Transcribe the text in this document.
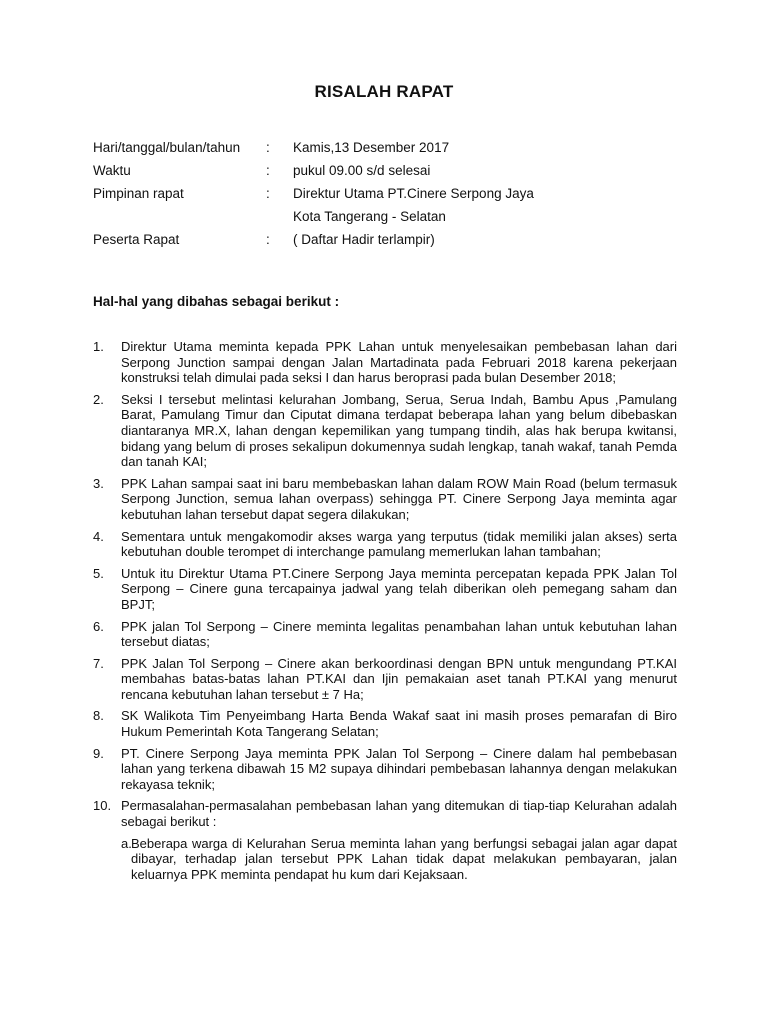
RISALAH RAPAT
Hari/tanggal/bulan/tahun : Kamis,13 Desember 2017
Waktu	: pukul 09.00 s/d selesai
Pimpinan rapat	: Direktur Utama PT.Cinere Serpong Jaya
Kota Tangerang - Selatan
Peserta Rapat	: ( Daftar Hadir terlampir)
Hal-hal yang dibahas sebagai berikut :
1. Direktur Utama meminta kepada PPK Lahan untuk menyelesaikan pembebasan lahan dari Serpong Junction sampai dengan Jalan Martadinata pada Februari 2018 karena pekerjaan konstruksi telah dimulai pada seksi I dan harus beroprasi pada bulan Desember 2018;
2. Seksi I tersebut melintasi kelurahan Jombang, Serua, Serua Indah, Bambu Apus ,Pamulang Barat, Pamulang Timur dan Ciputat dimana terdapat beberapa lahan yang belum dibebaskan diantaranya MR.X, lahan dengan kepemilikan yang tumpang tindih, alas hak berupa kwitansi, bidang yang belum di proses sekalipun dokumennya sudah lengkap, tanah wakaf, tanah Pemda dan tanah KAI;
3. PPK Lahan sampai saat ini baru membebaskan lahan dalam ROW Main Road (belum termasuk Serpong Junction, semua lahan overpass) sehingga PT. Cinere Serpong Jaya meminta agar kebutuhan lahan tersebut dapat segera dilakukan;
4. Sementara untuk mengakomodir akses warga yang terputus (tidak memiliki jalan akses) serta kebutuhan double terompet di interchange pamulang memerlukan lahan tambahan;
5. Untuk itu Direktur Utama PT.Cinere Serpong Jaya meminta percepatan kepada PPK Jalan Tol Serpong – Cinere guna tercapainya jadwal yang telah diberikan oleh pemegang saham dan BPJT;
6. PPK jalan Tol Serpong – Cinere meminta legalitas penambahan lahan untuk kebutuhan lahan tersebut diatas;
7. PPK Jalan Tol Serpong – Cinere akan berkoordinasi dengan BPN untuk mengundang PT.KAI membahas batas-batas lahan PT.KAI dan Ijin pemakaian aset tanah PT.KAI yang menurut rencana kebutuhan lahan tersebut ± 7 Ha;
8. SK Walikota Tim Penyeimbang Harta Benda Wakaf saat ini masih proses pemarafan di Biro Hukum Pemerintah Kota Tangerang Selatan;
9. PT. Cinere Serpong Jaya meminta PPK Jalan Tol Serpong – Cinere dalam hal pembebasan lahan yang terkena dibawah 15 M2 supaya dihindari pembebasan lahannya dengan melakukan rekayasa teknik;
10. Permasalahan-permasalahan pembebasan lahan yang ditemukan di tiap-tiap Kelurahan adalah sebagai berikut :
a. Beberapa warga di Kelurahan Serua meminta lahan yang berfungsi sebagai jalan agar dapat dibayar, terhadap jalan tersebut PPK Lahan tidak dapat melakukan pembayaran, jalan keluarnya PPK meminta pendapat hu kum dari Kejaksaan.
